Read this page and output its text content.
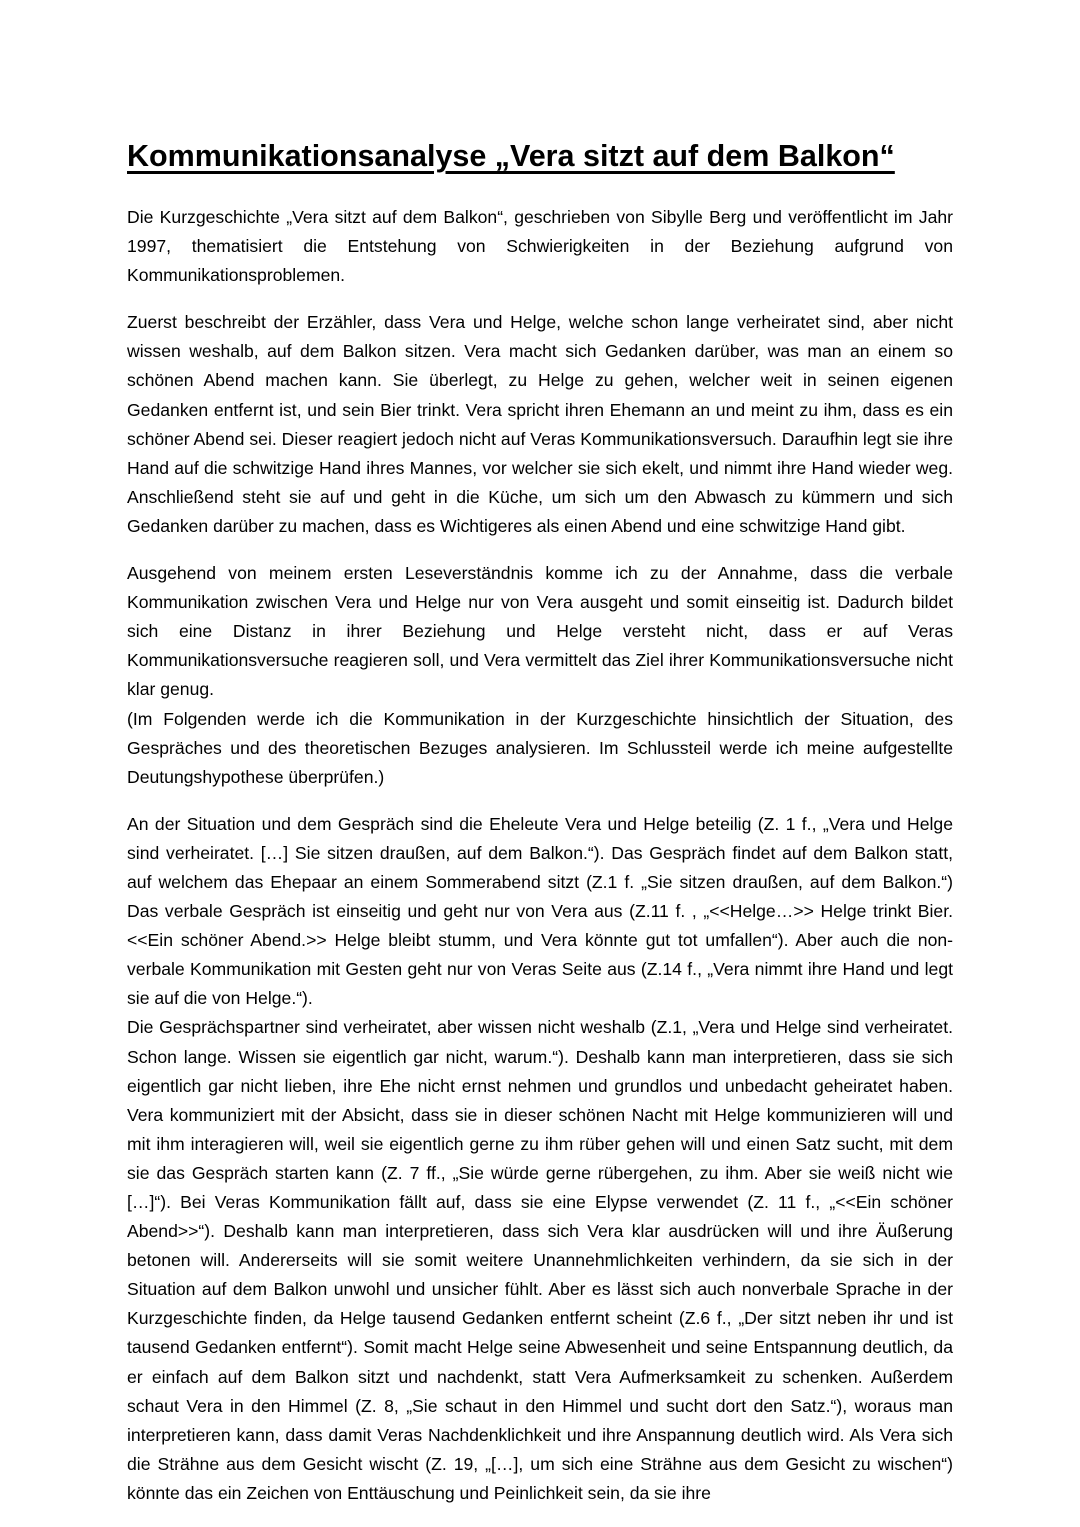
Kommunikationsanalyse „Vera sitzt auf dem Balkon“

Die Kurzgeschichte „Vera sitzt auf dem Balkon“, geschrieben von Sibylle Berg und veröffentlicht im Jahr 1997, thematisiert die Entstehung von Schwierigkeiten in der Beziehung aufgrund von Kommunikationsproblemen.

Zuerst beschreibt der Erzähler, dass Vera und Helge, welche schon lange verheiratet sind, aber nicht wissen weshalb, auf dem Balkon sitzen. Vera macht sich Gedanken darüber, was man an einem so schönen Abend machen kann. Sie überlegt, zu Helge zu gehen, welcher weit in seinen eigenen Gedanken entfernt ist, und sein Bier trinkt. Vera spricht ihren Ehemann an und meint zu ihm, dass es ein schöner Abend sei. Dieser reagiert jedoch nicht auf Veras Kommunikationsversuch. Daraufhin legt sie ihre Hand auf die schwitzige Hand ihres Mannes, vor welcher sie sich ekelt, und nimmt ihre Hand wieder weg. Anschließend steht sie auf und geht in die Küche, um sich um den Abwasch zu kümmern und sich Gedanken darüber zu machen, dass es Wichtigeres als einen Abend und eine schwitzige Hand gibt.

Ausgehend von meinem ersten Leseverständnis komme ich zu der Annahme, dass die verbale Kommunikation zwischen Vera und Helge nur von Vera ausgeht und somit einseitig ist. Dadurch bildet sich eine Distanz in ihrer Beziehung und Helge versteht nicht, dass er auf Veras Kommunikationsversuche reagieren soll, und Vera vermittelt das Ziel ihrer Kommunikationsversuche nicht klar genug.

(Im Folgenden werde ich die Kommunikation in der Kurzgeschichte hinsichtlich der Situation, des Gespräches und des theoretischen Bezuges analysieren. Im Schlussteil werde ich meine aufgestellte Deutungshypothese überprüfen.)

An der Situation und dem Gespräch sind die Eheleute Vera und Helge beteilig (Z. 1 f., „Vera und Helge sind verheiratet. […] Sie sitzen draußen, auf dem Balkon.“). Das Gespräch findet auf dem Balkon statt, auf welchem das Ehepaar an einem Sommerabend sitzt (Z.1 f. „Sie sitzen draußen, auf dem Balkon.“) Das verbale Gespräch ist einseitig und geht nur von Vera aus (Z.11 f. , „<<Helge…>> Helge trinkt Bier. <<Ein schöner Abend.>> Helge bleibt stumm, und Vera könnte gut tot umfallen“). Aber auch die non-verbale Kommunikation mit Gesten geht nur von Veras Seite aus (Z.14 f., „Vera nimmt ihre Hand und legt sie auf die von Helge.“).

Die Gesprächspartner sind verheiratet, aber wissen nicht weshalb (Z.1, „Vera und Helge sind verheiratet. Schon lange. Wissen sie eigentlich gar nicht, warum.“). Deshalb kann man interpretieren, dass sie sich eigentlich gar nicht lieben, ihre Ehe nicht ernst nehmen und grundlos und unbedacht geheiratet haben. Vera kommuniziert mit der Absicht, dass sie in dieser schönen Nacht mit Helge kommunizieren will und mit ihm interagieren will, weil sie eigentlich gerne zu ihm rüber gehen will und einen Satz sucht, mit dem sie das Gespräch starten kann (Z. 7 ff., „Sie würde gerne rübergehen, zu ihm. Aber sie weiß nicht wie […]“). Bei Veras Kommunikation fällt auf, dass sie eine Elypse verwendet (Z. 11 f., „<<Ein schöner Abend>>“). Deshalb kann man interpretieren, dass sich Vera klar ausdrücken will und ihre Äußerung betonen will. Andererseits will sie somit weitere Unannehmlichkeiten verhindern, da sie sich in der Situation auf dem Balkon unwohl und unsicher fühlt. Aber es lässt sich auch nonverbale Sprache in der Kurzgeschichte finden, da Helge tausend Gedanken entfernt scheint (Z.6 f., „Der sitzt neben ihr und ist tausend Gedanken entfernt“). Somit macht Helge seine Abwesenheit und seine Entspannung deutlich, da er einfach auf dem Balkon sitzt und nachdenkt, statt Vera Aufmerksamkeit zu schenken. Außerdem schaut Vera in den Himmel (Z. 8, „Sie schaut in den Himmel und sucht dort den Satz.“), woraus man interpretieren kann, dass damit Veras Nachdenklichkeit und ihre Anspannung deutlich wird. Als Vera sich die Strähne aus dem Gesicht wischt (Z. 19, „[…], um sich eine Strähne aus dem Gesicht zu wischen“) könnte das ein Zeichen von Enttäuschung und Peinlichkeit sein, da sie ihre
